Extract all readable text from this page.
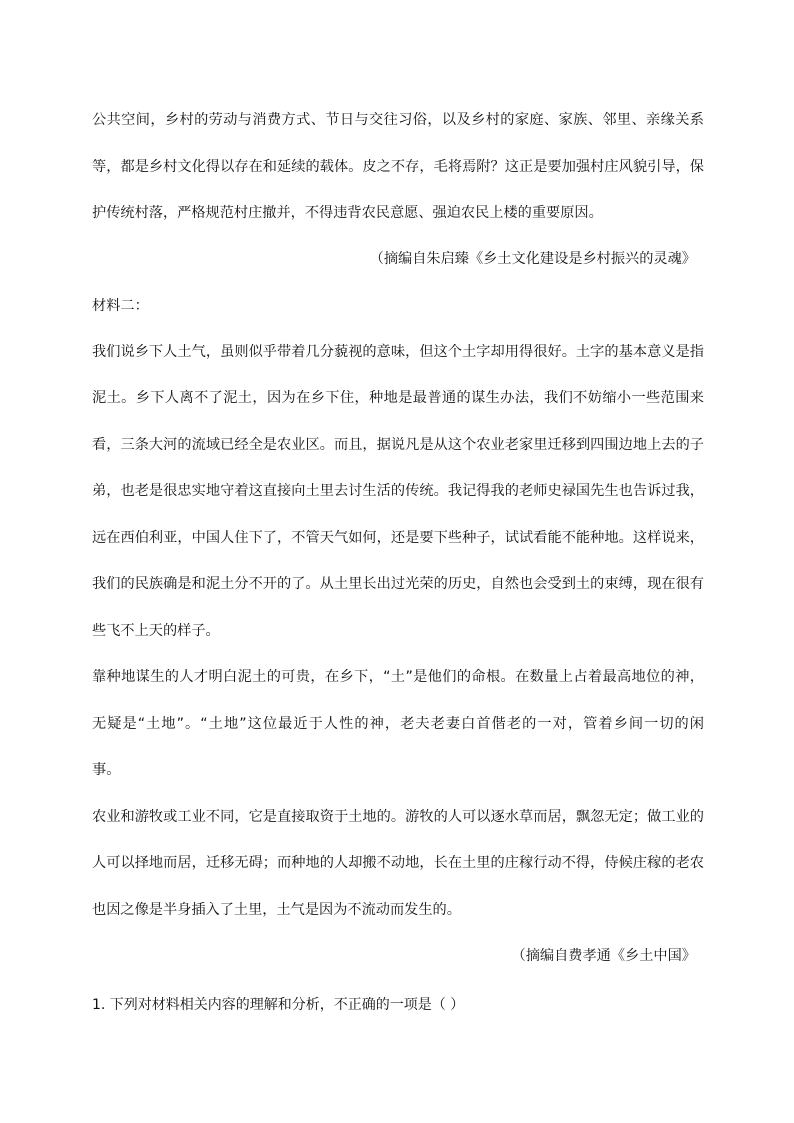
公共空间，乡村的劳动与消费方式、节日与交往习俗，以及乡村的家庭、家族、邻里、亲缘关系
等，都是乡村文化得以存在和延续的载体。皮之不存，毛将焉附？这正是要加强村庄风貌引导，保
护传统村落，严格规范村庄撤并，不得违背农民意愿、强迫农民上楼的重要原因。
（摘编自朱启臻《乡土文化建设是乡村振兴的灵魂》
材料二：
我们说乡下人土气，虽则似乎带着几分藐视的意味，但这个土字却用得很好。土字的基本意义是指
泥土。乡下人离不了泥土，因为在乡下住，种地是最普通的谋生办法，我们不妨缩小一些范围来
看，三条大河的流域已经全是农业区。而且，据说凡是从这个农业老家里迁移到四围边地上去的子
弟，也老是很忠实地守着这直接向土里去讨生活的传统。我记得我的老师史禄国先生也告诉过我，
远在西伯利亚，中国人住下了，不管天气如何，还是要下些种子，试试看能不能种地。这样说来，
我们的民族确是和泥土分不开的了。从土里长出过光荣的历史，自然也会受到土的束缚，现在很有
些飞不上天的样子。
靠种地谋生的人才明白泥土的可贵，在乡下，“土”是他们的命根。在数量上占着最高地位的神，
无疑是“土地”。“土地”这位最近于人性的神，老夫老妻白首偕老的一对，管着乡间一切的闲
事。
农业和游牧或工业不同，它是直接取资于土地的。游牧的人可以逐水草而居，飘忽无定；做工业的
人可以择地而居，迁移无碍；而种地的人却搬不动地，长在土里的庄稼行动不得，侍候庄稼的老农
也因之像是半身插入了土里，土气是因为不流动而发生的。
（摘编自费孝通《乡土中国》
1. 下列对材料相关内容的理解和分析，不正确的一项是（ ）
